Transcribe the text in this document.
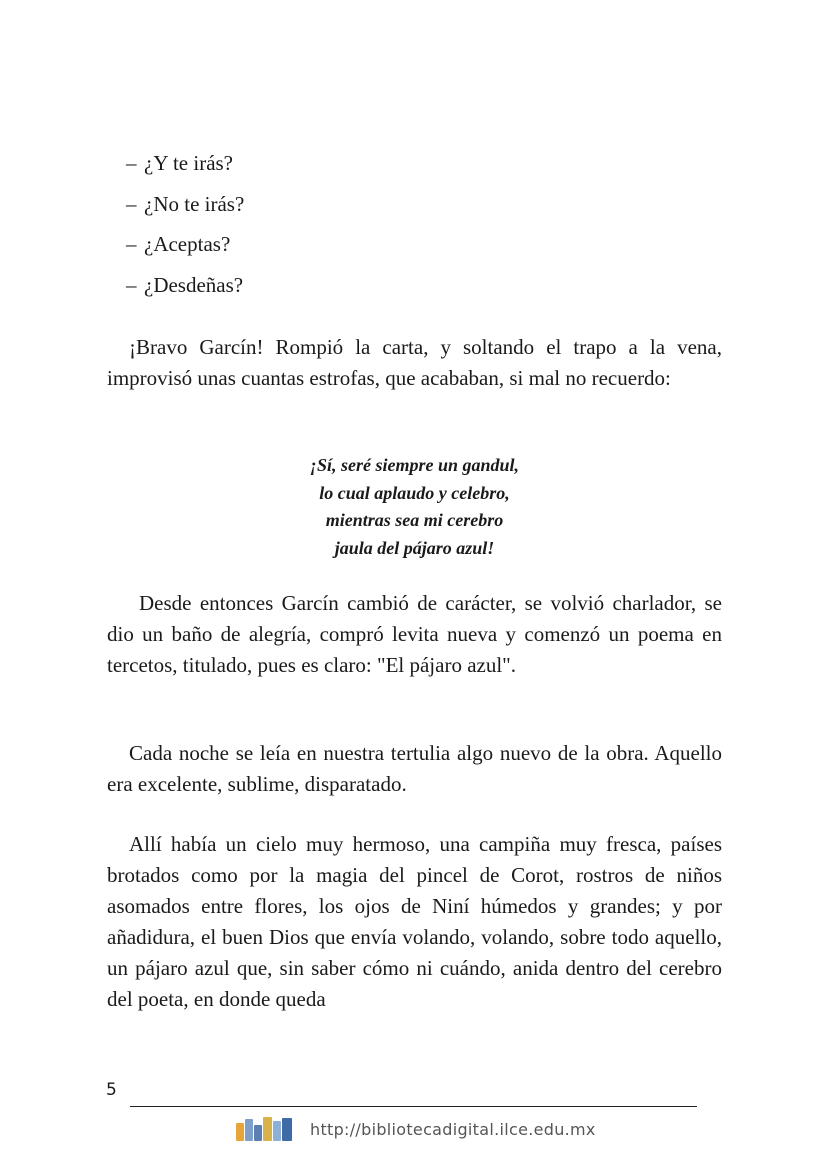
– ¿Y te irás?
– ¿No te irás?
– ¿Aceptas?
– ¿Desdeñas?

¡Bravo Garcín! Rompió la carta, y soltando el trapo a la vena, improvisó unas cuantas estrofas, que acababan, si mal no recuerdo:

¡Sí, seré siempre un gandul,
lo cual aplaudo y celebro,
mientras sea mi cerebro
jaula del pájaro azul!

Desde entonces Garcín cambió de carácter, se volvió charlador, se dio un baño de alegría, compró levita nueva y comenzó un poema en tercetos, titulado, pues es claro: "El pájaro azul".

Cada noche se leía en nuestra tertulia algo nuevo de la obra. Aquello era excelente, sublime, disparatado.

Allí había un cielo muy hermoso, una campiña muy fresca, países brotados como por la magia del pincel de Corot, rostros de niños asomados entre flores, los ojos de Niní húmedos y grandes; y por añadidura, el buen Dios que envía volando, volando, sobre todo aquello, un pájaro azul que, sin saber cómo ni cuándo, anida dentro del cerebro del poeta, en donde queda

5
http://bibliotecadigital.ilce.edu.mx
